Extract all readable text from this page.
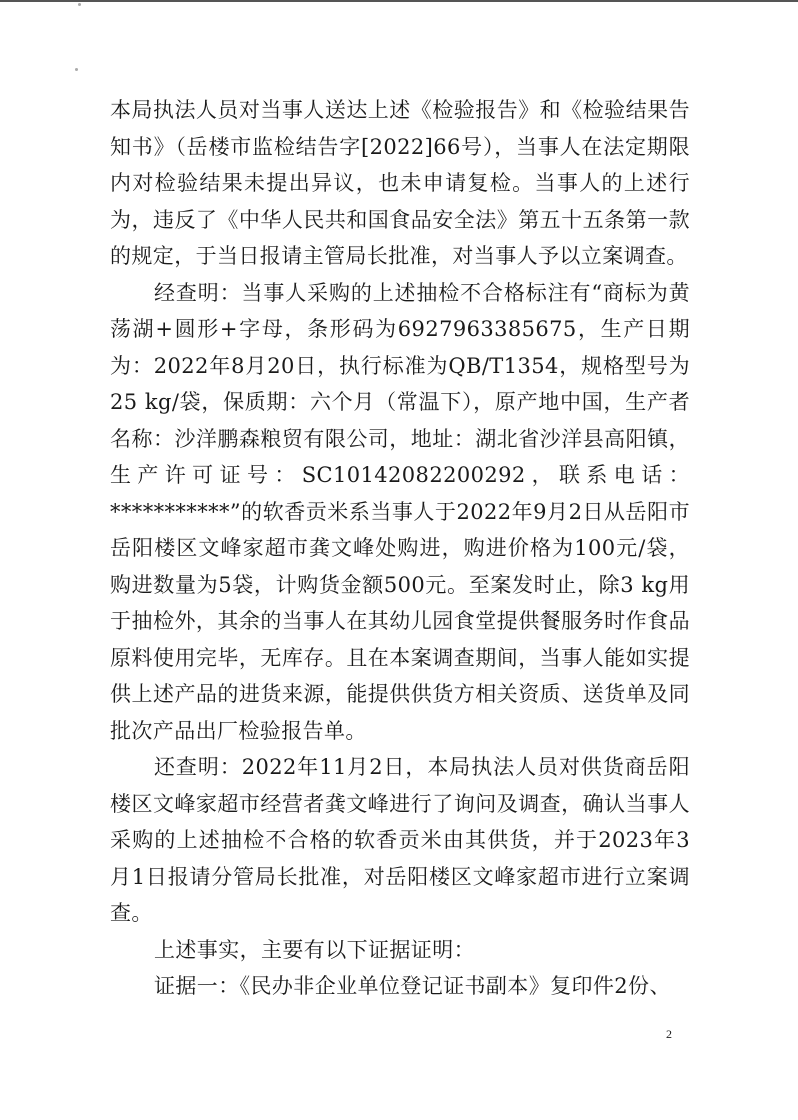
本局执法人员对当事人送达上述《检验报告》和《检验结果告知书》（岳楼市监检结告字[2022]66号），当事人在法定期限内对检验结果未提出异议，也未申请复检。当事人的上述行为，违反了《中华人民共和国食品安全法》第五十五条第一款的规定，于当日报请主管局长批准，对当事人予以立案调查。

经查明：当事人采购的上述抽检不合格标注有“商标为黄荡湖+圆形+字母，条形码为6927963385675，生产日期为：2022年8月20日，执行标准为QB/T1354，规格型号为25 kg/袋，保质期：六个月（常温下），原产地中国，生产者名称：沙洋鹏森粮贸有限公司，地址：湖北省沙洋县高阳镇，生产许可证号：SC10142082200292，联系电话：***********”的软香贡米系当事人于2022年9月2日从岳阳市岳阳楼区文峰家超市龚文峰处购进，购进价格为100元/袋，购进数量为5袋，计购货金额500元。至案发时止，除3 kg用于抽检外，其余的当事人在其幼儿园食堂提供餐服务时作食品原料使用完毕，无库存。且在本案调查期间，当事人能如实提供上述产品的进货来源，能提供供货方相关资质、送货单及同批次产品出厂检验报告单。

还查明：2022年11月2日，本局执法人员对供货商岳阳楼区文峰家超市经营者龚文峰进行了询问及调查，确认当事人采购的上述抽检不合格的软香贡米由其供货，并于2023年3月1日报请分管局长批准，对岳阳楼区文峰家超市进行立案调查。

上述事实，主要有以下证据证明：

证据一：《民办非企业单位登记证书副本》复印件2份、

2
